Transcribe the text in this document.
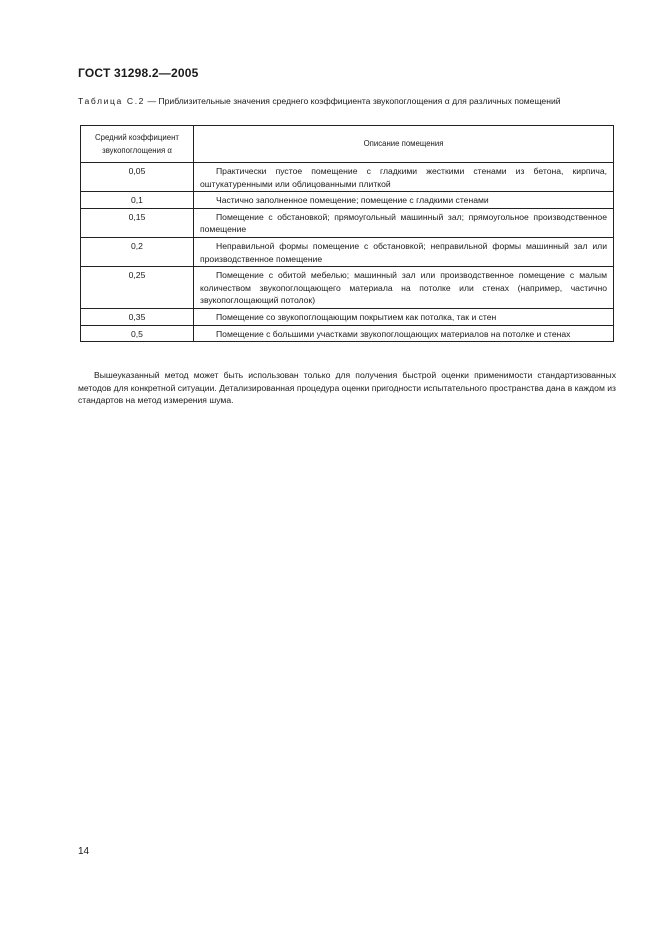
ГОСТ 31298.2—2005
Таблица С.2 — Приблизительные значения среднего коэффициента звукопоглощения α для различных помещений
Средний коэффициент звукопоглощения α	Описание помещения
0,05	Практически пустое помещение с гладкими жесткими стенами из бетона, кирпича, оштукатуренными или облицованными плиткой
0,1	Частично заполненное помещение; помещение с гладкими стенами
0,15	Помещение с обстановкой; прямоугольный машинный зал; прямоугольное производственное помещение
0,2	Неправильной формы помещение с обстановкой; неправильной формы машинный зал или производственное помещение
0,25	Помещение с обитой мебелью; машинный зал или производственное помещение с малым количеством звукопоглощающего материала на потолке или стенах (например, частично звукопоглощающий потолок)
0,35	Помещение со звукопоглощающим покрытием как потолка, так и стен
0,5	Помещение с большими участками звукопоглощающих материалов на потолке и стенах
Вышеуказанный метод может быть использован только для получения быстрой оценки применимости стандартизованных методов для конкретной ситуации. Детализированная процедура оценки пригодности испытательного пространства дана в каждом из стандартов на метод измерения шума.
14
